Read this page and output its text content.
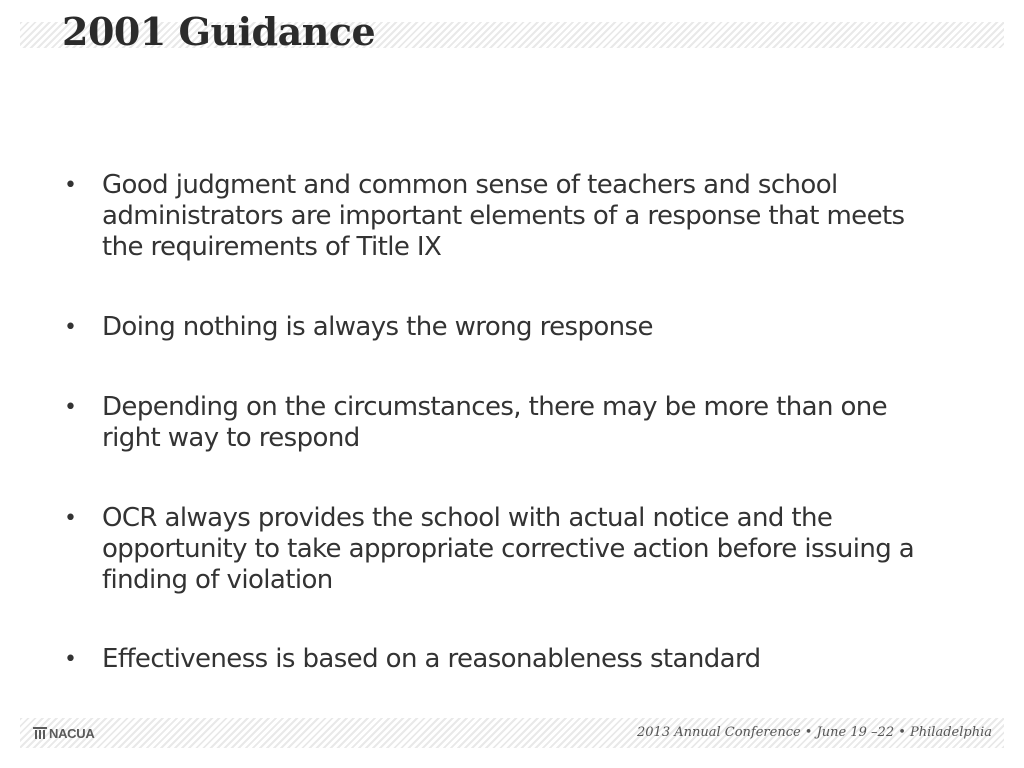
2001 Guidance
• Good judgment and common sense of teachers and school administrators are important elements of a response that meets the requirements of Title IX
• Doing nothing is always the wrong response
• Depending on the circumstances, there may be more than one right way to respond
• OCR always provides the school with actual notice and the opportunity to take appropriate corrective action before issuing a finding of violation
• Effectiveness is based on a reasonableness standard
NACUA	2013 Annual Conference • June 19 –22 • Philadelphia
